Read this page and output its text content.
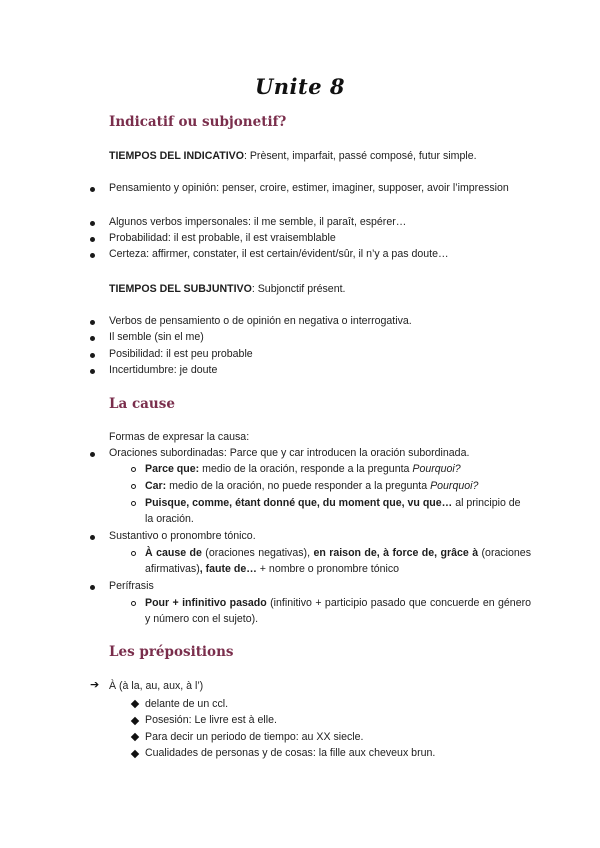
Unite 8
Indicatif ou subjonetif?
TIEMPOS DEL INDICATIVO: Prèsent, imparfait, passé composé, futur simple.
Pensamiento y opinión: penser, croire, estimer, imaginer, supposer, avoir l’impression
Algunos verbos impersonales: il me semble, il paraît, espérer…
Probabilidad: il est probable, il est vraisemblable
Certeza: affirmer, constater, il est certain/évident/sûr, il n’y a pas doute…
TIEMPOS DEL SUBJUNTIVO: Subjonctif présent.
Verbos de pensamiento o de opinión en negativa o interrogativa.
Il semble (sin el me)
Posibilidad: il est peu probable
Incertidumbre: je doute
La cause
Formas de expresar la causa:
Oraciones subordinadas: Parce que y car introducen la oración subordinada.
Parce que: medio de la oración, responde a la pregunta Pourquoi?
Car: medio de la oración, no puede responder a la pregunta Pourquoi?
Puisque, comme, étant donné que, du moment que, vu que… al principio de la oración.
Sustantivo o pronombre tónico.
À cause de (oraciones negativas), en raison de, à force de, grâce à (oraciones afirmativas), faute de… + nombre o pronombre tónico
Perífrasis
Pour + infinitivo pasado (infinitivo + participio pasado que concuerde en género y número con el sujeto).
Les prépositions
➔ À (à la, au, aux, à l’)
delante de un ccl.
Posesión: Le livre est à elle.
Para decir un periodo de tiempo: au XX siecle.
Cualidades de personas y de cosas: la fille aux cheveux brun.
